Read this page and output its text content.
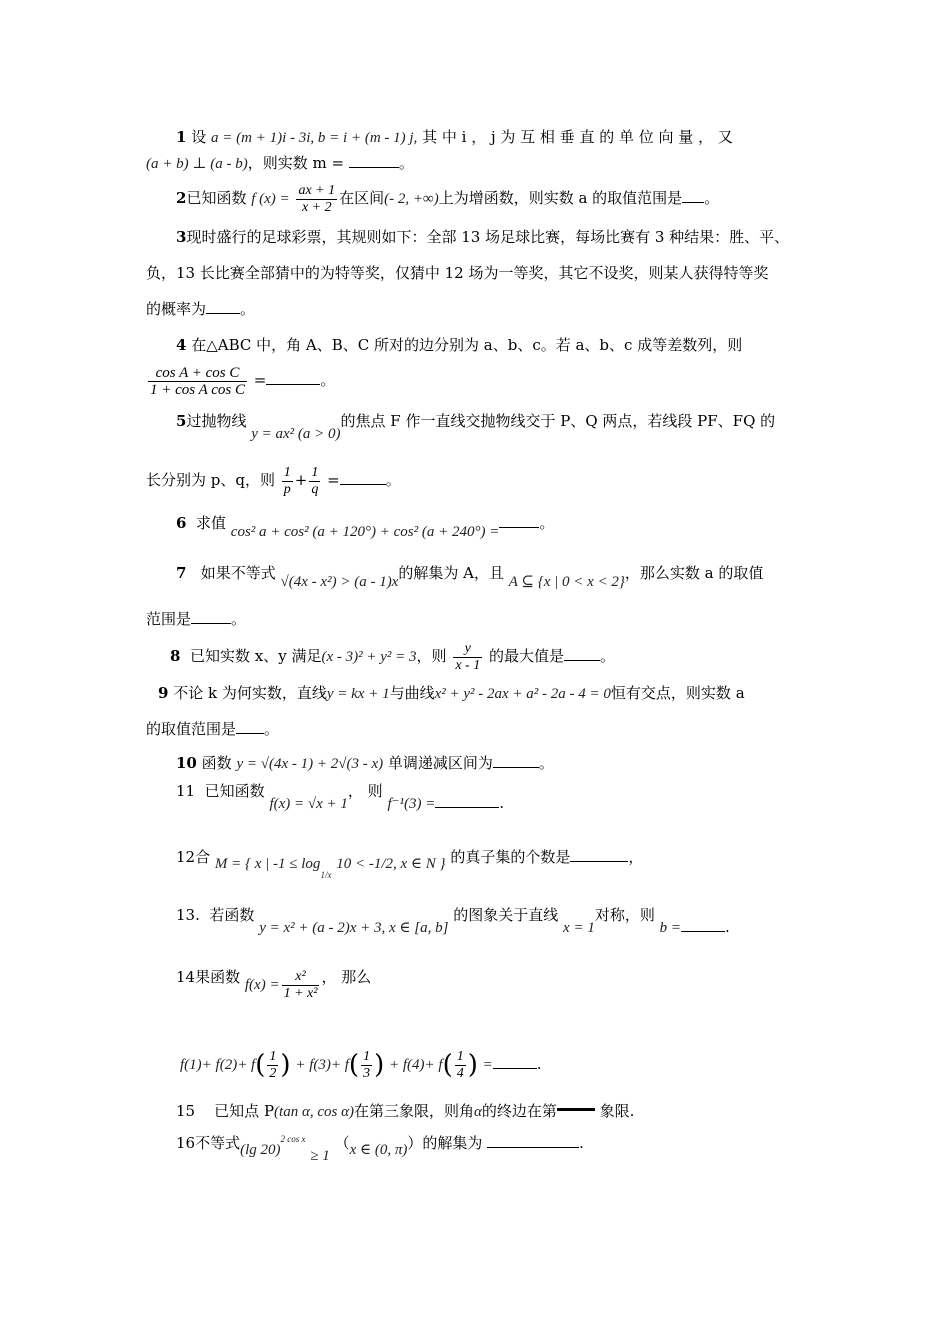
1 设 a = (m + 1)i - 3i, b = i + (m - 1) j, 其 中 i ， j 为 互 相 垂 直 的 单 位 向 量 ， 又
(a + b) ⊥ (a - b)，则实数 m =	。
2已知函数 f $(x) = \frac{ax + 1}{x + 2}$ 在区间(- 2, +∞)上为增函数，则实数 a 的取值范围是 。
3现时盛行的足球彩票，其规则如下：全部 13 场足球比赛，每场比赛有 3 种结果：胜、平、
负，13 长比赛全部猜中的为特等奖，仅猜中 12 场为一等奖，其它不设奖，则某人获得特等奖
的概率为 。
4 在△ABC 中，角 A、B、C 所对的边分别为 a、b、c。若 a、b、c 成等差数列，则
$\frac{\text{cos A + cos C}}{\text{1 + cos A cos C}}$ =	。
5过抛物线 y = ax² (a > 0)的焦点 F 作一直线交抛物线交于 P、Q 两点，若线段 PF、FQ 的
长分别为 p、q，则 $\frac{1}{p} + \frac{1}{q}$ =	。
6 求值 cos² a + cos² (a + 120°) + cos² (a + 240°) =	。
7 如果不等式 √(4x - x²) > (a - 1)x的解集为 A，且 A ⊆ {x | 0 < x < 2}，那么实数 a 的取值
范围是	。
8 已知实数 x、y 满足(x - 3)² + y² = 3，则 $\frac{y}{x - 1}$ 的最大值是 。
9 不论 k 为何实数，直线y = kx + 1与曲线x² + y² - 2ax + a² - 2a - 4 = 0恒有交点，则实数 a
的取值范围是 。
10 函数 y = √(4x - 1) + 2√(3 - x) 单调递减区间为	。
11 已知函数 f(x) = √x + 1， 则 f⁻¹(3) =	.
12合 M = { x | $-1 \le \log_{1/x} 10 < -1/2$, x ∈ N } 的真子集的个数是	，
13. 若函数 y = x² + (a - 2)x + 3, x ∈ [a, b] 的图象关于直线 x = 1对称，则 b =	.
14果函数 $f(x) = \frac{\text{x²}}{\text{1 + x²}}$ ， 那么
$f(1)+ f(2)+ f( \frac{1}{2}$ ) + $f(3)+ f( \frac{1}{3}$ ) + $f(4)+ f( \frac{1}{4}$ ) =	.
15 已知点 P(tan α, cos α)在第三象限，则角α的终边在第	象限.
16不等式(lg 20)$^{2 cos x}$ ≥ 1 （x ∈ (0, π)）的解集为	.
